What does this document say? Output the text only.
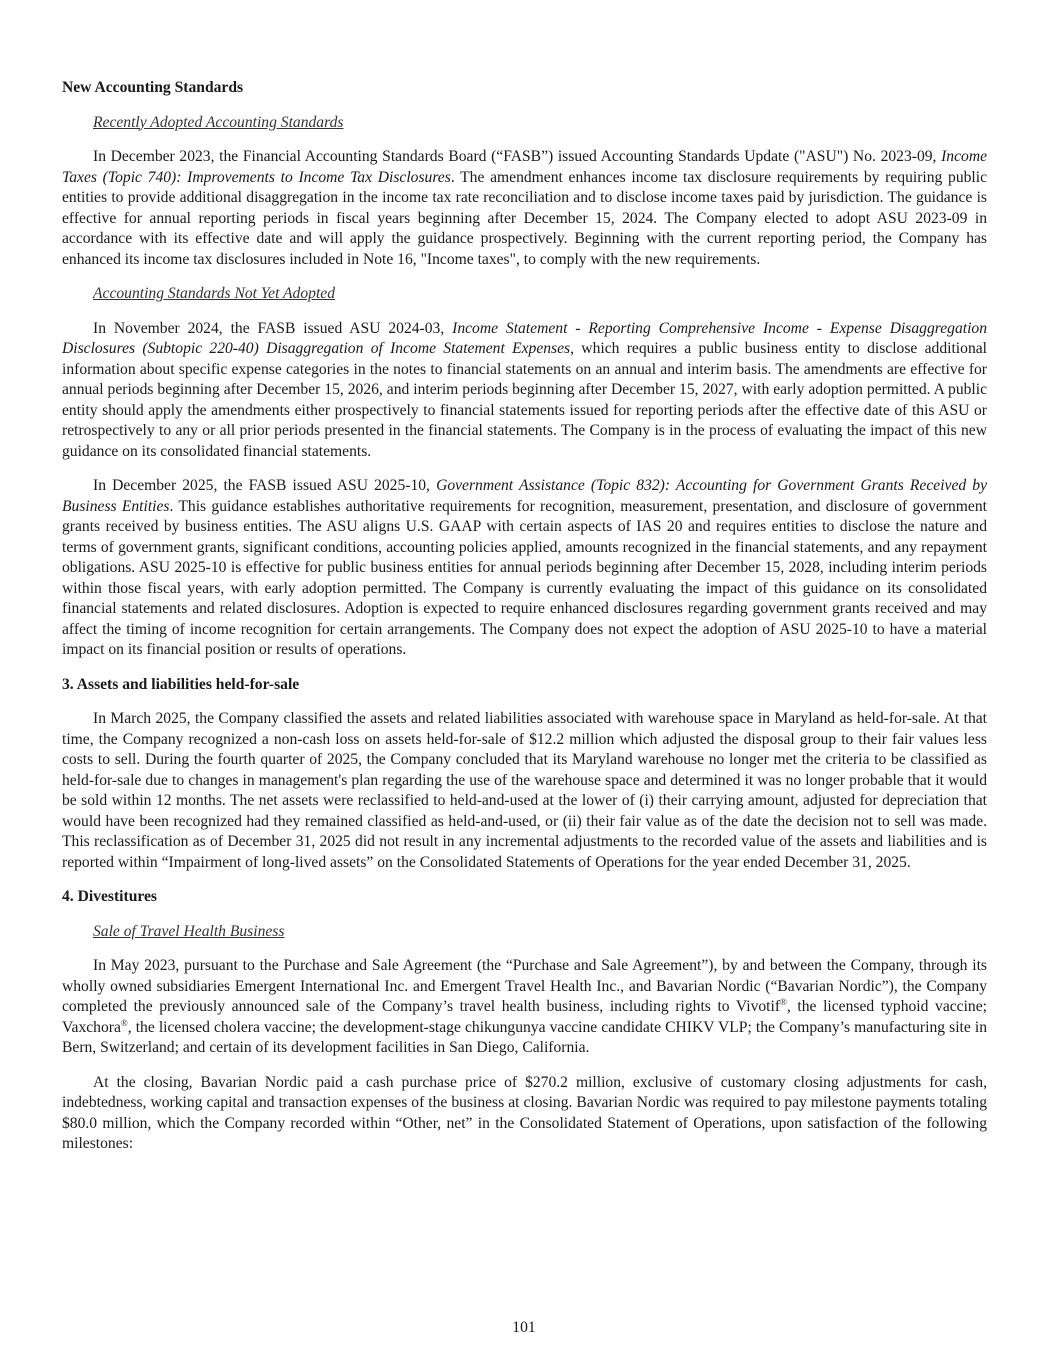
New Accounting Standards
Recently Adopted Accounting Standards

In December 2023, the Financial Accounting Standards Board (“FASB”) issued Accounting Standards Update ("ASU") No. 2023-09, Income Taxes (Topic 740): Improvements to Income Tax Disclosures. The amendment enhances income tax disclosure requirements by requiring public entities to provide additional disaggregation in the income tax rate reconciliation and to disclose income taxes paid by jurisdiction. The guidance is effective for annual reporting periods in fiscal years beginning after December 15, 2024. The Company elected to adopt ASU 2023-09 in accordance with its effective date and will apply the guidance prospectively. Beginning with the current reporting period, the Company has enhanced its income tax disclosures included in Note 16, "Income taxes", to comply with the new requirements.

Accounting Standards Not Yet Adopted

In November 2024, the FASB issued ASU 2024-03, Income Statement - Reporting Comprehensive Income - Expense Disaggregation Disclosures (Subtopic 220-40) Disaggregation of Income Statement Expenses, which requires a public business entity to disclose additional information about specific expense categories in the notes to financial statements on an annual and interim basis. The amendments are effective for annual periods beginning after December 15, 2026, and interim periods beginning after December 15, 2027, with early adoption permitted. A public entity should apply the amendments either prospectively to financial statements issued for reporting periods after the effective date of this ASU or retrospectively to any or all prior periods presented in the financial statements. The Company is in the process of evaluating the impact of this new guidance on its consolidated financial statements.

In December 2025, the FASB issued ASU 2025-10, Government Assistance (Topic 832): Accounting for Government Grants Received by Business Entities. This guidance establishes authoritative requirements for recognition, measurement, presentation, and disclosure of government grants received by business entities. The ASU aligns U.S. GAAP with certain aspects of IAS 20 and requires entities to disclose the nature and terms of government grants, significant conditions, accounting policies applied, amounts recognized in the financial statements, and any repayment obligations. ASU 2025-10 is effective for public business entities for annual periods beginning after December 15, 2028, including interim periods within those fiscal years, with early adoption permitted. The Company is currently evaluating the impact of this guidance on its consolidated financial statements and related disclosures. Adoption is expected to require enhanced disclosures regarding government grants received and may affect the timing of income recognition for certain arrangements. The Company does not expect the adoption of ASU 2025-10 to have a material impact on its financial position or results of operations.

3. Assets and liabilities held-for-sale

In March 2025, the Company classified the assets and related liabilities associated with warehouse space in Maryland as held-for-sale. At that time, the Company recognized a non-cash loss on assets held-for-sale of $12.2 million which adjusted the disposal group to their fair values less costs to sell. During the fourth quarter of 2025, the Company concluded that its Maryland warehouse no longer met the criteria to be classified as held-for-sale due to changes in management's plan regarding the use of the warehouse space and determined it was no longer probable that it would be sold within 12 months. The net assets were reclassified to held-and-used at the lower of (i) their carrying amount, adjusted for depreciation that would have been recognized had they remained classified as held-and-used, or (ii) their fair value as of the date the decision not to sell was made. This reclassification as of December 31, 2025 did not result in any incremental adjustments to the recorded value of the assets and liabilities and is reported within “Impairment of long-lived assets” on the Consolidated Statements of Operations for the year ended December 31, 2025.

4. Divestitures
Sale of Travel Health Business

In May 2023, pursuant to the Purchase and Sale Agreement (the “Purchase and Sale Agreement”), by and between the Company, through its wholly owned subsidiaries Emergent International Inc. and Emergent Travel Health Inc., and Bavarian Nordic (“Bavarian Nordic”), the Company completed the previously announced sale of the Company’s travel health business, including rights to Vivotif®, the licensed typhoid vaccine; Vaxchora®, the licensed cholera vaccine; the development-stage chikungunya vaccine candidate CHIKV VLP; the Company’s manufacturing site in Bern, Switzerland; and certain of its development facilities in San Diego, California.

At the closing, Bavarian Nordic paid a cash purchase price of $270.2 million, exclusive of customary closing adjustments for cash, indebtedness, working capital and transaction expenses of the business at closing. Bavarian Nordic was required to pay milestone payments totaling $80.0 million, which the Company recorded within “Other, net” in the Consolidated Statement of Operations, upon satisfaction of the following milestones:

101
